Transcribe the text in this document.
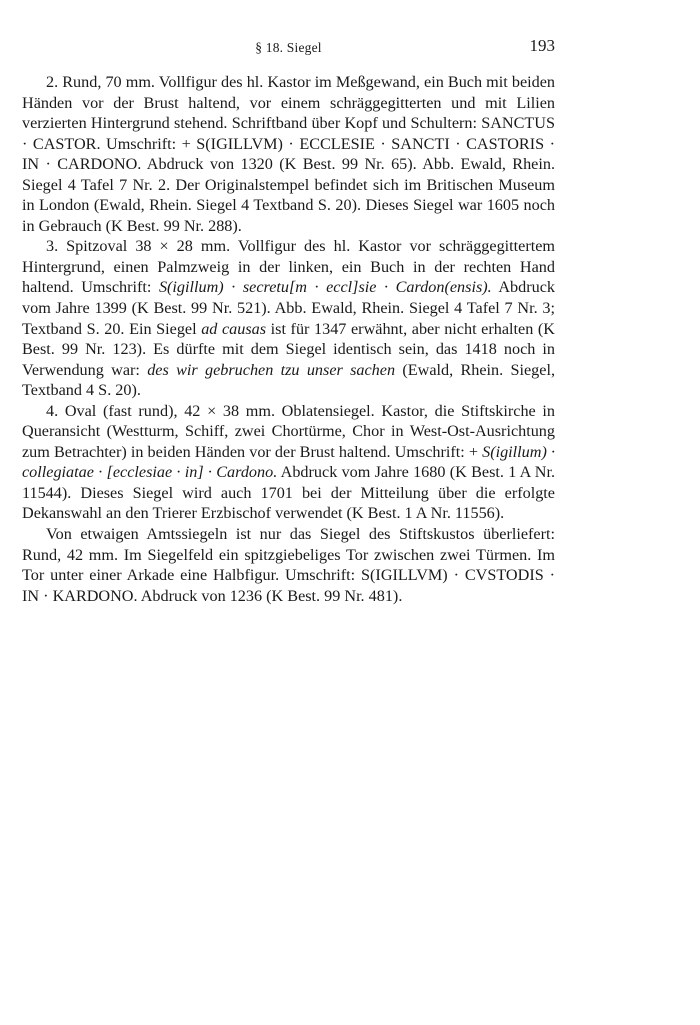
§ 18. Siegel	193

2. Rund, 70 mm. Vollfigur des hl. Kastor im Meßgewand, ein Buch mit beiden Händen vor der Brust haltend, vor einem schräggegitterten und mit Lilien verzierten Hintergrund stehend. Schriftband über Kopf und Schultern: SANCTUS · CASTOR. Umschrift: + S(IGILLVM) · ECCLESIE · SANCTI · CASTORIS · IN · CARDONO. Abdruck von 1320 (K Best. 99 Nr. 65). Abb. Ewald, Rhein. Siegel 4 Tafel 7 Nr. 2. Der Originalstempel befindet sich im Britischen Museum in London (Ewald, Rhein. Siegel 4 Textband S. 20). Dieses Siegel war 1605 noch in Gebrauch (K Best. 99 Nr. 288).

3. Spitzoval 38 × 28 mm. Vollfigur des hl. Kastor vor schräggegittertem Hintergrund, einen Palmzweig in der linken, ein Buch in der rechten Hand haltend. Umschrift: S(igillum) · secretu[m · eccl]sie · Cardon(ensis). Abdruck vom Jahre 1399 (K Best. 99 Nr. 521). Abb. Ewald, Rhein. Siegel 4 Tafel 7 Nr. 3; Textband S. 20. Ein Siegel ad causas ist für 1347 erwähnt, aber nicht erhalten (K Best. 99 Nr. 123). Es dürfte mit dem Siegel identisch sein, das 1418 noch in Verwendung war: des wir gebruchen tzu unser sachen (Ewald, Rhein. Siegel, Textband 4 S. 20).

4. Oval (fast rund), 42 × 38 mm. Oblatensiegel. Kastor, die Stiftskirche in Queransicht (Westturm, Schiff, zwei Chortürme, Chor in West-Ost-Ausrichtung zum Betrachter) in beiden Händen vor der Brust haltend. Umschrift: + S(igillum) · collegiatae · [ecclesiae · in] · Cardono. Abdruck vom Jahre 1680 (K Best. 1 A Nr. 11544). Dieses Siegel wird auch 1701 bei der Mitteilung über die erfolgte Dekanswahl an den Trierer Erzbischof verwendet (K Best. 1 A Nr. 11556).

Von etwaigen Amtssiegeln ist nur das Siegel des Stiftskustos überliefert: Rund, 42 mm. Im Siegelfeld ein spitzgiebeliges Tor zwischen zwei Türmen. Im Tor unter einer Arkade eine Halbfigur. Umschrift: S(IGILLVM) · CVSTODIS · IN · KARDONO. Abdruck von 1236 (K Best. 99 Nr. 481).
